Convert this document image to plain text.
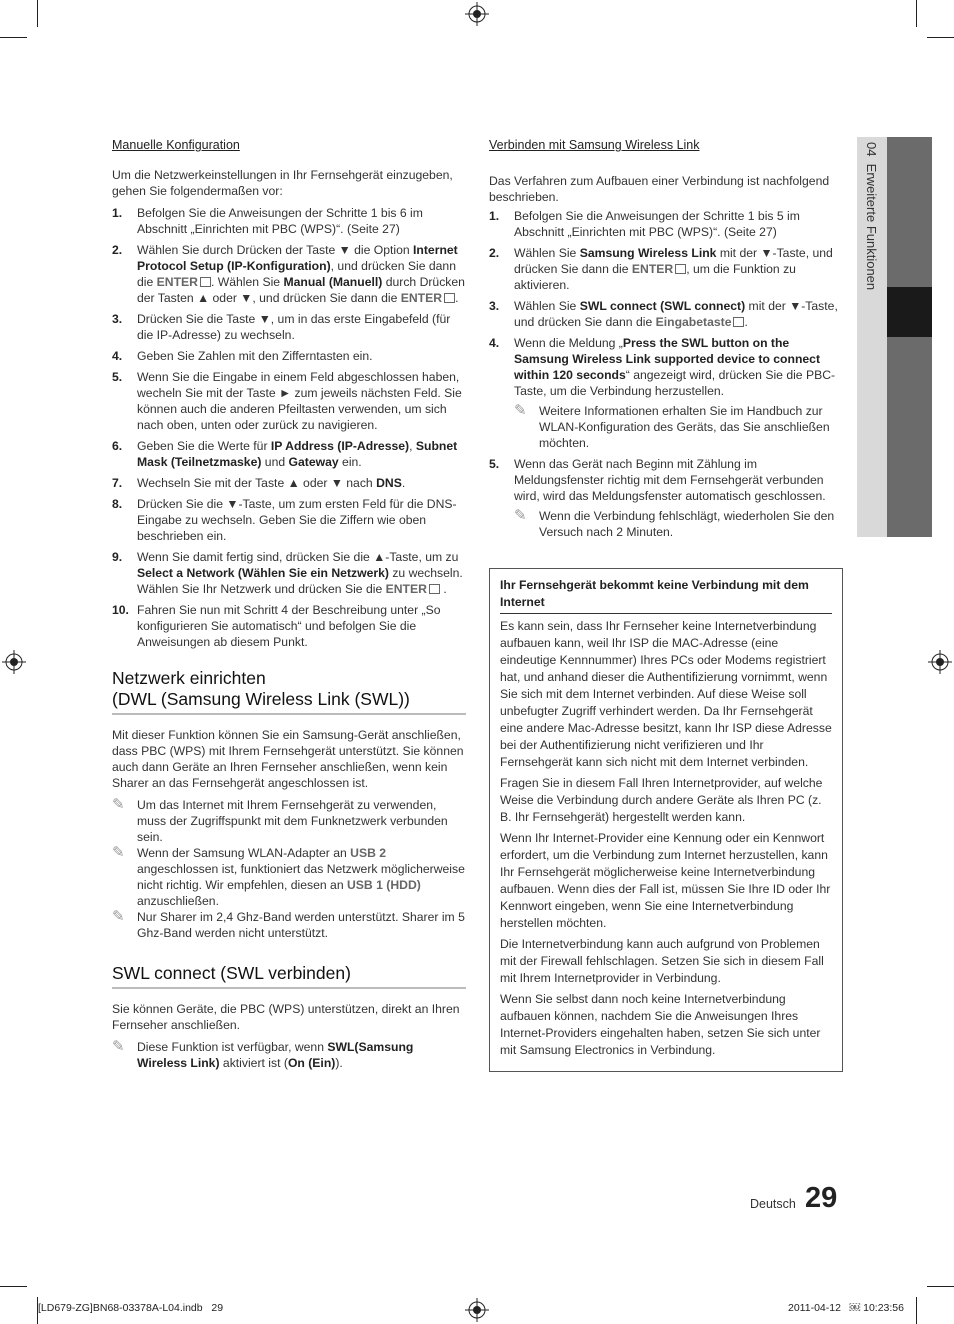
04  Erweiterte Funktionen
Manuelle Konfiguration

Um die Netzwerkeinstellungen in Ihr Fernsehgerät einzugeben, gehen Sie folgendermaßen vor:

1. Befolgen Sie die Anweisungen der Schritte 1 bis 6 im Abschnitt „Einrichten mit PBC (WPS)“. (Seite 27)
2. Wählen Sie durch Drücken der Taste ▼ die Option Internet Protocol Setup (IP-Konfiguration), und drücken Sie dann die ENTER . Wählen Sie Manual (Manuell) durch Drücken der Tasten ▲ oder ▼, und drücken Sie dann die ENTER .
3. Drücken Sie die Taste ▼, um in das erste Eingabefeld (für die IP-Adresse) zu wechseln.
4. Geben Sie Zahlen mit den Zifferntasten ein.
5. Wenn Sie die Eingabe in einem Feld abgeschlossen haben, wecheln Sie mit der Taste ► zum jeweils nächsten Feld. Sie können auch die anderen Pfeiltasten verwenden, um sich nach oben, unten oder zurück zu navigieren.
6. Geben Sie die Werte für IP Address (IP-Adresse), Subnet Mask (Teilnetzmaske) und Gateway ein.
7. Wechseln Sie mit der Taste ▲ oder ▼ nach DNS.
8. Drücken Sie die ▼-Taste, um zum ersten Feld für die DNS-Eingabe zu wechseln. Geben Sie die Ziffern wie oben beschrieben ein.
9. Wenn Sie damit fertig sind, drücken Sie die ▲-Taste, um zu Select a Network (Wählen Sie ein Netzwerk) zu wechseln. Wählen Sie Ihr Netzwerk und drücken Sie die ENTER .
10. Fahren Sie nun mit Schritt 4 der Beschreibung unter „So konfigurieren Sie automatisch“ und befolgen Sie die Anweisungen ab diesem Punkt.
Netzwerk einrichten
(DWL (Samsung Wireless Link (SWL))

Mit dieser Funktion können Sie ein Samsung-Gerät anschließen, dass PBC (WPS) mit Ihrem Fernsehgerät unterstützt. Sie können auch dann Geräte an Ihren Fernseher anschließen, wenn kein Sharer an das Fernsehgerät angeschlossen ist.

✎ Um das Internet mit Ihrem Fernsehgerät zu verwenden, muss der Zugriffspunkt mit dem Funknetzwerk verbunden sein.
✎ Wenn der Samsung WLAN-Adapter an USB 2 angeschlossen ist, funktioniert das Netzwerk möglicherweise nicht richtig. Wir empfehlen, diesen an USB 1 (HDD) anzuschließen.
✎ Nur Sharer im 2,4 Ghz-Band werden unterstützt. Sharer im 5 Ghz-Band werden nicht unterstützt.
SWL connect (SWL verbinden)

Sie können Geräte, die PBC (WPS) unterstützen, direkt an Ihren Fernseher anschließen.

✎ Diese Funktion ist verfügbar, wenn SWL(Samsung Wireless Link) aktiviert ist (On (Ein)).
Verbinden mit Samsung Wireless Link

Das Verfahren zum Aufbauen einer Verbindung ist nachfolgend beschrieben.

1. Befolgen Sie die Anweisungen der Schritte 1 bis 5 im Abschnitt „Einrichten mit PBC (WPS)“. (Seite 27)
2. Wählen Sie Samsung Wireless Link mit der ▼-Taste, und drücken Sie dann die ENTER , um die Funktion zu aktivieren.
3. Wählen Sie SWL connect (SWL connect) mit der ▼-Taste, und drücken Sie dann die Eingabetaste .
4. Wenn die Meldung „Press the SWL button on the Samsung Wireless Link supported device to connect within 120 seconds“ angezeigt wird, drücken Sie die PBC-Taste, um die Verbindung herzustellen.
✎ Weitere Informationen erhalten Sie im Handbuch zur WLAN-Konfiguration des Geräts, das Sie anschließen möchten.
5. Wenn das Gerät nach Beginn mit Zählung im Meldungsfenster richtig mit dem Fernsehgerät verbunden wird, wird das Meldungsfenster automatisch geschlossen.
✎ Wenn die Verbindung fehlschlägt, wiederholen Sie den Versuch nach 2 Minuten.
Ihr Fernsehgerät bekommt keine Verbindung mit dem Internet

Es kann sein, dass Ihr Fernseher keine Internetverbindung aufbauen kann, weil Ihr ISP die MAC-Adresse (eine eindeutige Kennnummer) Ihres PCs oder Modems registriert hat, und anhand dieser die Authentifizierung vornimmt, wenn Sie sich mit dem Internet verbinden. Auf diese Weise soll unbefugter Zugriff verhindert werden. Da Ihr Fernsehgerät eine andere Mac-Adresse besitzt, kann Ihr ISP diese Adresse bei der Authentifizierung nicht verifizieren und Ihr Fernsehgerät kann sich nicht mit dem Internet verbinden.

Fragen Sie in diesem Fall Ihren Internetprovider, auf welche Weise die Verbindung durch andere Geräte als Ihren PC (z. B. Ihr Fernsehgerät) hergestellt werden kann.

Wenn Ihr Internet-Provider eine Kennung oder ein Kennwort erfordert, um die Verbindung zum Internet herzustellen, kann Ihr Fernsehgerät möglicherweise keine Internetverbindung aufbauen. Wenn dies der Fall ist, müssen Sie Ihre ID oder Ihr Kennwort eingeben, wenn Sie eine Internetverbindung herstellen möchten.

Die Internetverbindung kann auch aufgrund von Problemen mit der Firewall fehlschlagen. Setzen Sie sich in diesem Fall mit Ihrem Internetprovider in Verbindung.

Wenn Sie selbst dann noch keine Internetverbindung aufbauen können, nachdem Sie die Anweisungen Ihres Internet-Providers eingehalten haben, setzen Sie sich unter mit Samsung Electronics in Verbindung.

Deutsch 29
[LD679-ZG]BN68-03378A-L04.indb   29	2011-04-12   ￼ 10:23:56
